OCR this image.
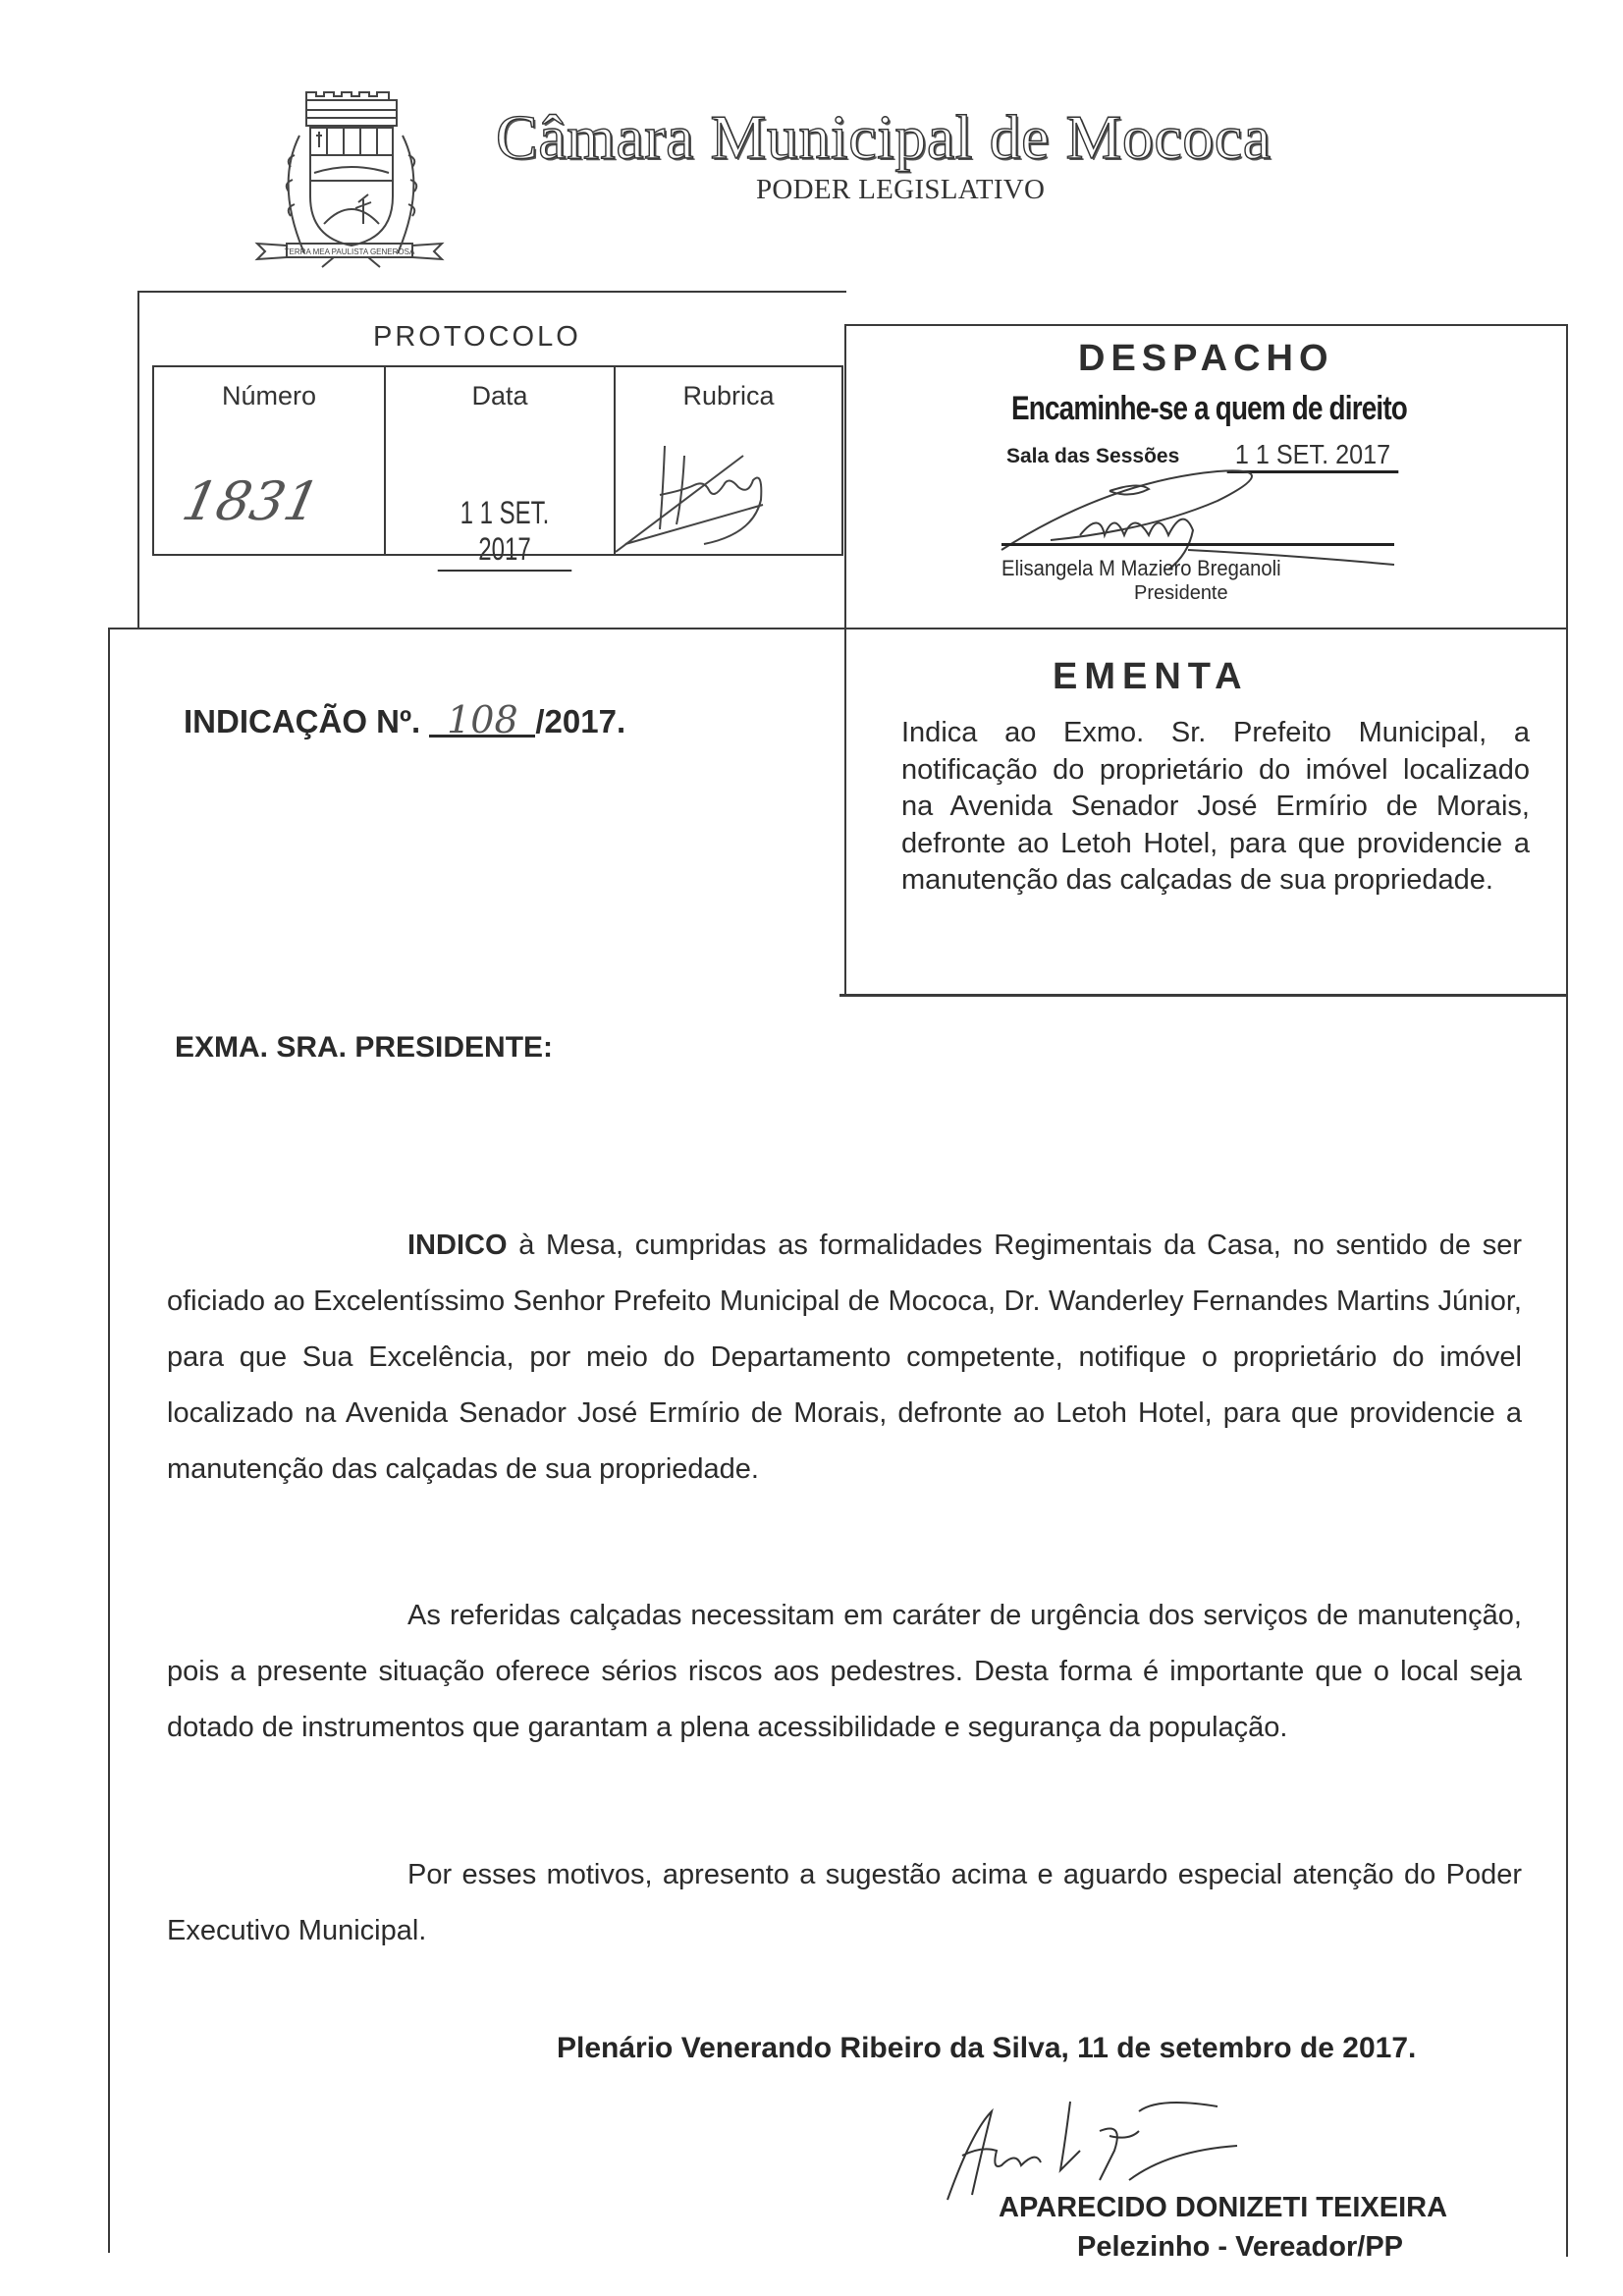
TERRA MEA PAULISTA GENEROSA
Câmara Municipal de Mococa
PODER LEGISLATIVO
PROTOCOLO
Número
1831
Data
1 1 SET. 2017
Rubrica
DESPACHO
Encaminhe-se a quem de direito
Sala das Sessões 1 1 SET. 2017
Elisangela M Maziero Breganoli
Presidente
INDICAÇÃO Nº. 108 /2017.
EMENTA
Indica ao Exmo. Sr. Prefeito Municipal, a notificação do proprietário do imóvel localizado na Avenida Senador José Ermírio de Morais, defronte ao Letoh Hotel, para que providencie a manutenção das calçadas de sua propriedade.
EXMA. SRA. PRESIDENTE:
INDICO à Mesa, cumpridas as formalidades Regimentais da Casa, no sentido de ser oficiado ao Excelentíssimo Senhor Prefeito Municipal de Mococa, Dr. Wanderley Fernandes Martins Júnior, para que Sua Excelência, por meio do Departamento competente, notifique o proprietário do imóvel localizado na Avenida Senador José Ermírio de Morais, defronte ao Letoh Hotel, para que providencie a manutenção das calçadas de sua propriedade.
As referidas calçadas necessitam em caráter de urgência dos serviços de manutenção, pois a presente situação oferece sérios riscos aos pedestres. Desta forma é importante que o local seja dotado de instrumentos que garantam a plena acessibilidade e segurança da população.
Por esses motivos, apresento a sugestão acima e aguardo especial atenção do Poder Executivo Municipal.
Plenário Venerando Ribeiro da Silva, 11 de setembro de 2017.
APARECIDO DONIZETI TEIXEIRA
Pelezinho - Vereador/PP
